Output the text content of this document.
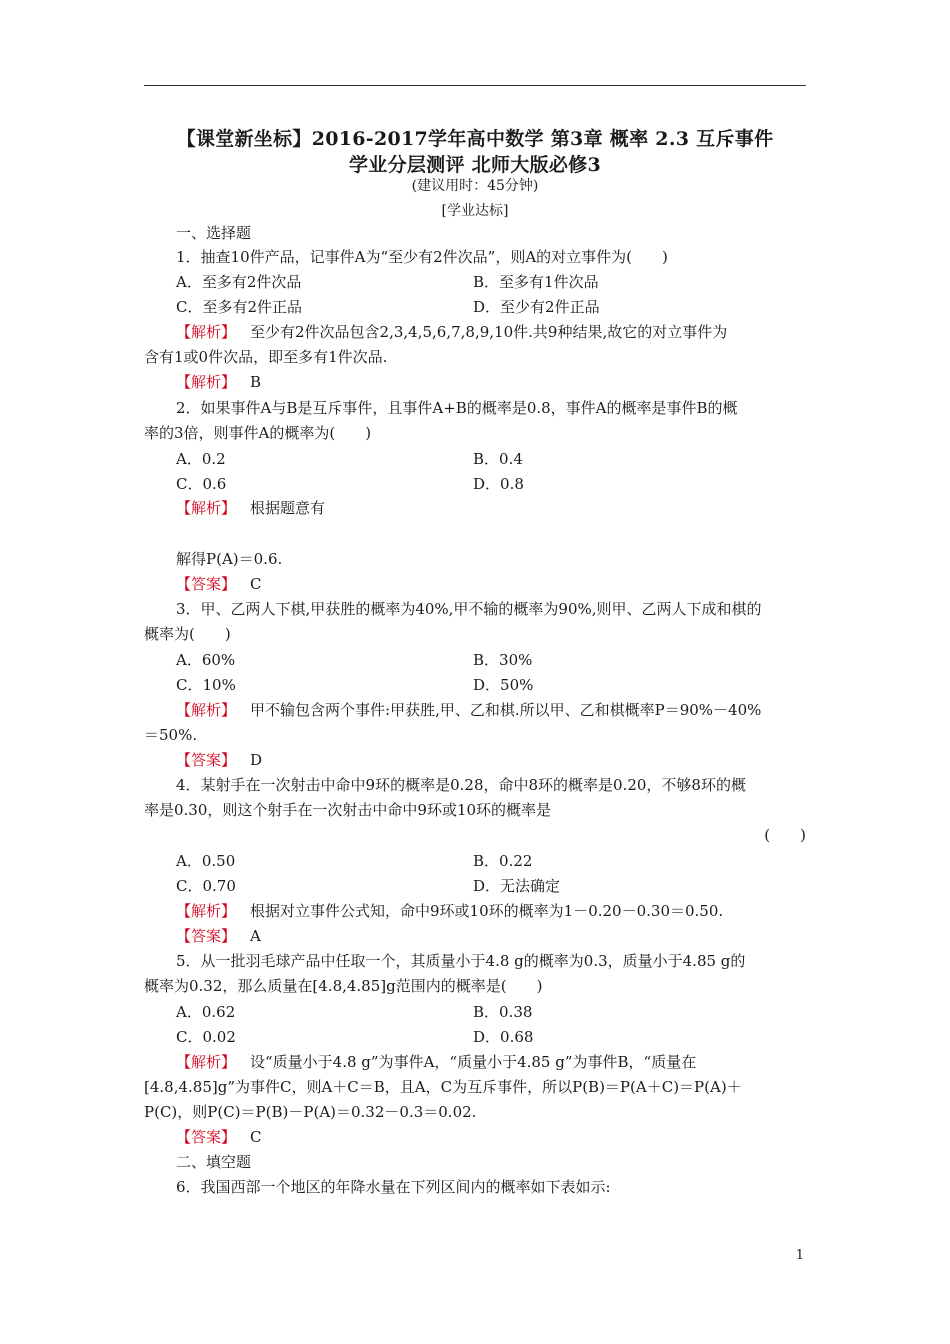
【课堂新坐标】2016-2017学年高中数学 第3章 概率 2.3 互斥事件
学业分层测评 北师大版必修3
(建议用时：45分钟)
[学业达标]
一、选择题
1．抽查10件产品，记事件A为“至少有2件次品”，则A的对立事件为(　　)
A．至多有2件次品	B．至多有1件次品
C．至多有2件正品	D．至少有2件正品
【解析】 至少有2件次品包含2,3,4,5,6,7,8,9,10件.共9种结果,故它的对立事件为
含有1或0件次品，即至多有1件次品.
【解析】 B
2．如果事件A与B是互斥事件，且事件A+B的概率是0.8，事件A的概率是事件B的概
率的3倍，则事件A的概率为(　　)
A．0.2	B．0.4
C．0.6	D．0.8
【解析】 根据题意有
解得P(A)＝0.6.
【答案】 C
3．甲、乙两人下棋,甲获胜的概率为40%,甲不输的概率为90%,则甲、乙两人下成和棋的
概率为(　　)
A．60%	B．30%
C．10%	D．50%
【解析】 甲不输包含两个事件:甲获胜,甲、乙和棋.所以甲、乙和棋概率P＝90%－40%
＝50%.
【答案】 D
4．某射手在一次射击中命中9环的概率是0.28，命中8环的概率是0.20，不够8环的概
率是0.30，则这个射手在一次射击中命中9环或10环的概率是
(　　)
A．0.50	B．0.22
C．0.70	D．无法确定
【解析】 根据对立事件公式知，命中9环或10环的概率为1－0.20－0.30＝0.50.
【答案】 A
5．从一批羽毛球产品中任取一个，其质量小于4.8 g的概率为0.3，质量小于4.85 g的
概率为0.32，那么质量在[4.8,4.85]g范围内的概率是(　　)
A．0.62	B．0.38
C．0.02	D．0.68
【解析】 设“质量小于4.8 g”为事件A，“质量小于4.85 g”为事件B，“质量在
[4.8,4.85]g”为事件C，则A＋C＝B，且A，C为互斥事件，所以P(B)＝P(A＋C)＝P(A)＋
P(C)，则P(C)＝P(B)－P(A)＝0.32－0.3＝0.02.
【答案】 C
二、填空题
6．我国西部一个地区的年降水量在下列区间内的概率如下表如示:
1
